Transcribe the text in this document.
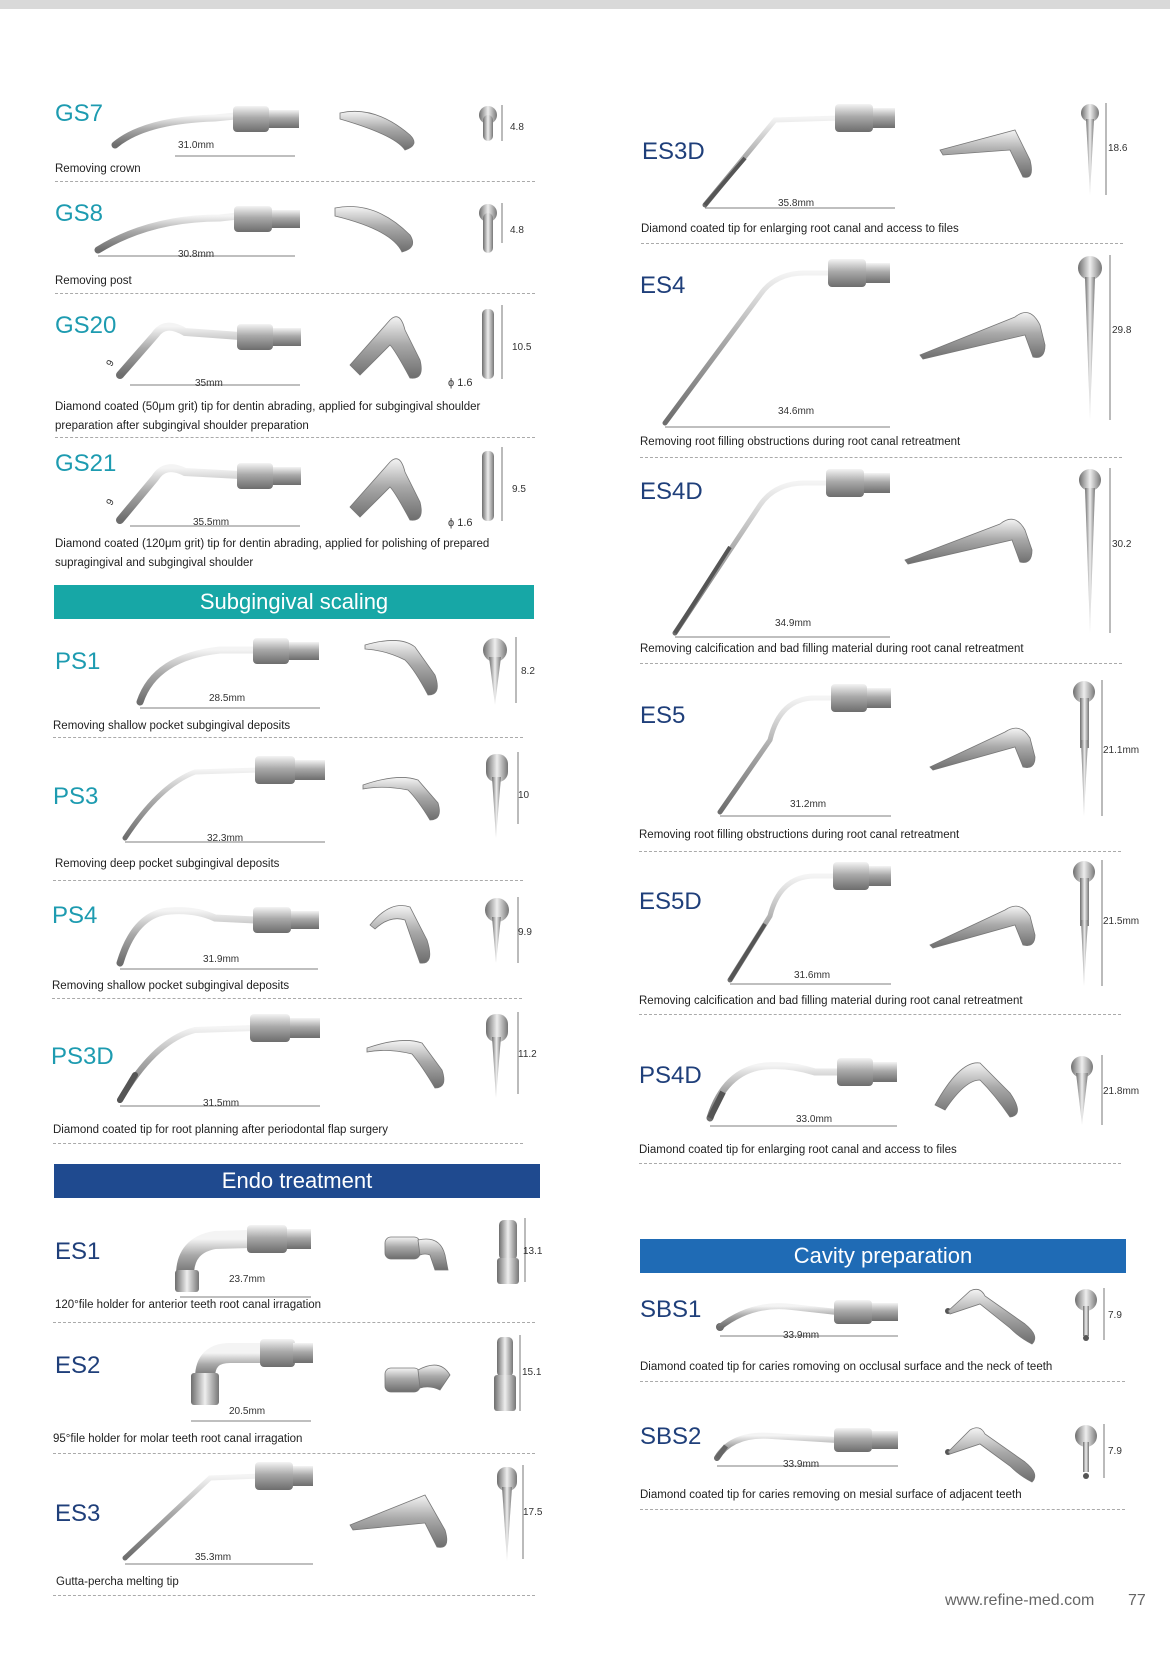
GS7
31.0mm
4.8
Removing crown
GS8
30.8mm
4.8
Removing post
GS20
35mm
9
10.5
ϕ 1.6
Diamond coated (50μm grit) tip for dentin abrading, applied for subgingival shoulder
preparation after subgingival shoulder preparation
GS21
35.5mm
9
9.5
ϕ 1.6
Diamond coated (120μm grit) tip for dentin abrading, applied for polishing of prepared
supragingival and subgingival shoulder
Subgingival scaling
PS1
28.5mm
8.2
Removing shallow pocket subgingival deposits
PS3
32.3mm
10
Removing deep pocket subgingival deposits
PS4
31.9mm
9.9
Removing shallow pocket subgingival deposits
PS3D
31.5mm
11.2
Diamond coated tip for root planning after periodontal flap surgery
Endo treatment
ES1
23.7mm
13.1
120°file holder for anterior teeth root canal irragation
ES2
20.5mm
15.1
95°file holder for molar teeth root canal irragation
ES3
35.3mm
17.5
Gutta-percha melting tip
ES3D
35.8mm
18.6
Diamond coated tip for enlarging root canal and access to files
ES4
34.6mm
29.8
Removing root filling obstructions during root canal retreatment
ES4D
34.9mm
30.2
Removing calcification and bad filling material during root canal retreatment
ES5
31.2mm
21.1mm
Removing root filling obstructions during root canal retreatment
ES5D
31.6mm
21.5mm
Removing calcification and bad filling material during root canal retreatment
PS4D
33.0mm
21.8mm
Diamond coated tip for enlarging root canal and access to files
Cavity preparation
SBS1
33.9mm
7.9
Diamond coated tip for caries romoving on occlusal surface and the neck of teeth
SBS2
33.9mm
7.9
Diamond coated tip for caries removing on mesial surface of adjacent teeth
www.refine-med.com 77
